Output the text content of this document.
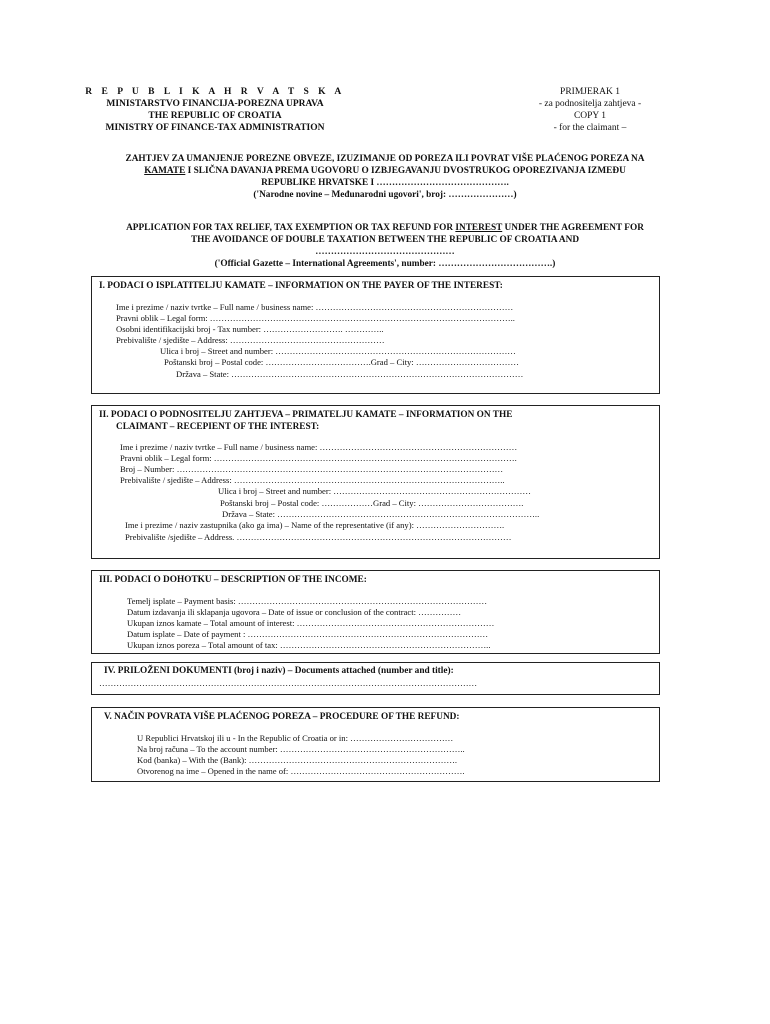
R E P U B L I K A H R V A T S K A
MINISTARSTVO FINANCIJA-POREZNA UPRAVA
THE REPUBLIC OF CROATIA
MINISTRY OF FINANCE-TAX ADMINISTRATION
PRIMJERAK 1
- za podnositelja zahtjeva -
COPY 1
- for the claimant –
ZAHTJEV ZA UMANJENJE POREZNE OBVEZE, IZUZIMANJE OD POREZA ILI POVRAT VIŠE PLAĆENOG POREZA NA
KAMATE I SLIČNA DAVANJA PREMA UGOVORU O IZBJEGAVANJU DVOSTRUKOG OPOREZIVANJA IZMEĐU
REPUBLIKE HRVATSKE I …………………………………….
('Narodne novine – Međunarodni ugovori', broj: …………………)
APPLICATION FOR TAX RELIEF, TAX EXEMPTION OR TAX REFUND FOR INTEREST UNDER THE AGREEMENT FOR
THE AVOIDANCE OF DOUBLE TAXATION BETWEEN THE REPUBLIC OF CROATIA AND
………………………………………
('Official Gazette – International Agreements', number: ……………………………….)
I. PODACI O ISPLATITELJU KAMATE – INFORMATION ON THE PAYER OF THE INTEREST:
Ime i prezime / naziv tvrtke – Full name / business name: ……………………………………………………………
Pravni oblik – Legal form: ……………………………………………………………………………………………..
Osobni identifikacijski broj - Tax number: ………………………. …………..
Prebivalište / sjedište – Address: ………………………………………………
Ulica i broj – Street and number: …………………………………………………………………………
Poštanski broj – Postal code: ……………………………….Grad – City: ………………………………
Država – State: …………………………………………………………………………………………
II. PODACI O PODNOSITELJU ZAHTJEVA – PRIMATELJU KAMATE – INFORMATION ON THE
CLAIMANT – RECEPIENT OF THE INTEREST:
Ime i prezime / naziv tvrtke – Full name / business name: ……………………………………………………………
Pravni oblik – Legal form: …………………………………………………………………………………………….
Broj – Number: ……………………………………………………………………………………………………
Prebivalište / sjedište – Address: …………………………………………………………………………………..
Ulica i broj – Street and number: ……………………………………………………………
Poštanski broj – Postal code: ………………Grad – City: ……………………………….
Država – State: ………………………………………………………………………………..
Ime i prezime / naziv zastupnika (ako ga ima) – Name of the representative (if any): ………………………….
Prebivalište /sjedište – Address. ……………………………………………………………………………………
III. PODACI O DOHOTKU – DESCRIPTION OF THE INCOME:
Temelj isplate – Payment basis: ……………………………………………………………………………
Datum izdavanja ili sklapanja ugovora – Date of issue or conclusion of the contract: ……………
Ukupan iznos kamate – Total amount of interest: ……………………………………………………………
Datum isplate – Date of payment : …………………………………………………………………………
Ukupan iznos poreza – Total amount of tax: ………………………………………………………………..
IV. PRILOŽENI DOKUMENTI (broj i naziv) – Documents attached (number and title):
……………………………………………………………………………………………………………………
V. NAČIN POVRATA VIŠE PLAĆENOG POREZA – PROCEDURE OF THE REFUND:
U Republici Hrvatskoj ili u - In the Republic of Croatia or in: ………………………………
Na broj računa – To the account number: ………………………………………………………..
Kod (banka) – With the (Bank): ……………………………………………………………….
Otvorenog na ime – Opened in the name of: …………………………………………………….
